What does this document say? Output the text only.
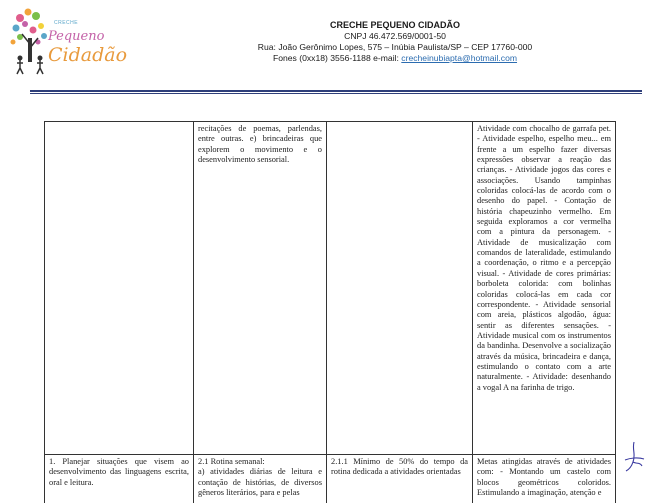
CRECHE
Pequeno
Cidadão
CRECHE PEQUENO CIDADÃO
CNPJ 46.472.569/0001-50
Rua: João Gerônimo Lopes, 575 – Inúbia Paulista/SP – CEP 17760-000
Fones (0xx18) 3556-1188 e-mail: crecheinubiapta@hotmail.com

	recitações de poemas, parlendas, entre outras. e) brincadeiras que explorem o movimento e o desenvolvimento sensorial.		Atividade com chocalho de garrafa pet. - Atividade espelho, espelho meu... em frente a um espelho fazer diversas expressões observar a reação das crianças. - Atividade jogos das cores e associações. Usando tampinhas coloridas colocá-las de acordo com o desenho do papel. - Contação de história chapeuzinho vermelho. Em seguida exploramos a cor vermelha com a pintura da personagem. - Atividade de musicalização com comandos de lateralidade, estimulando a coordenação, o ritmo e a percepção visual. - Atividade de cores primárias: borboleta colorida: com bolinhas coloridas colocá-las em cada cor correspondente. - Atividade sensorial com areia, plásticos algodão, água: sentir as diferentes sensações. - Atividade musical com os instrumentos da bandinha. Desenvolve a socialização através da música, brincadeira e dança, estimulando o contato com a arte naturalmente. - Atividade: desenhando a vogal A na farinha de trigo.

1. Planejar situações que visem ao desenvolvimento das linguagens escrita, oral e leitura.	2.1 Rotina semanal:
a) atividades diárias de leitura e contação de histórias, de diversos gêneros literários, para e pelas	2.1.1 Mínimo de 50% do tempo da rotina dedicada a atividades orientadas	Metas atingidas através de atividades com: - Montando um castelo com blocos geométricos coloridos. Estimulando a imaginação, atenção e
